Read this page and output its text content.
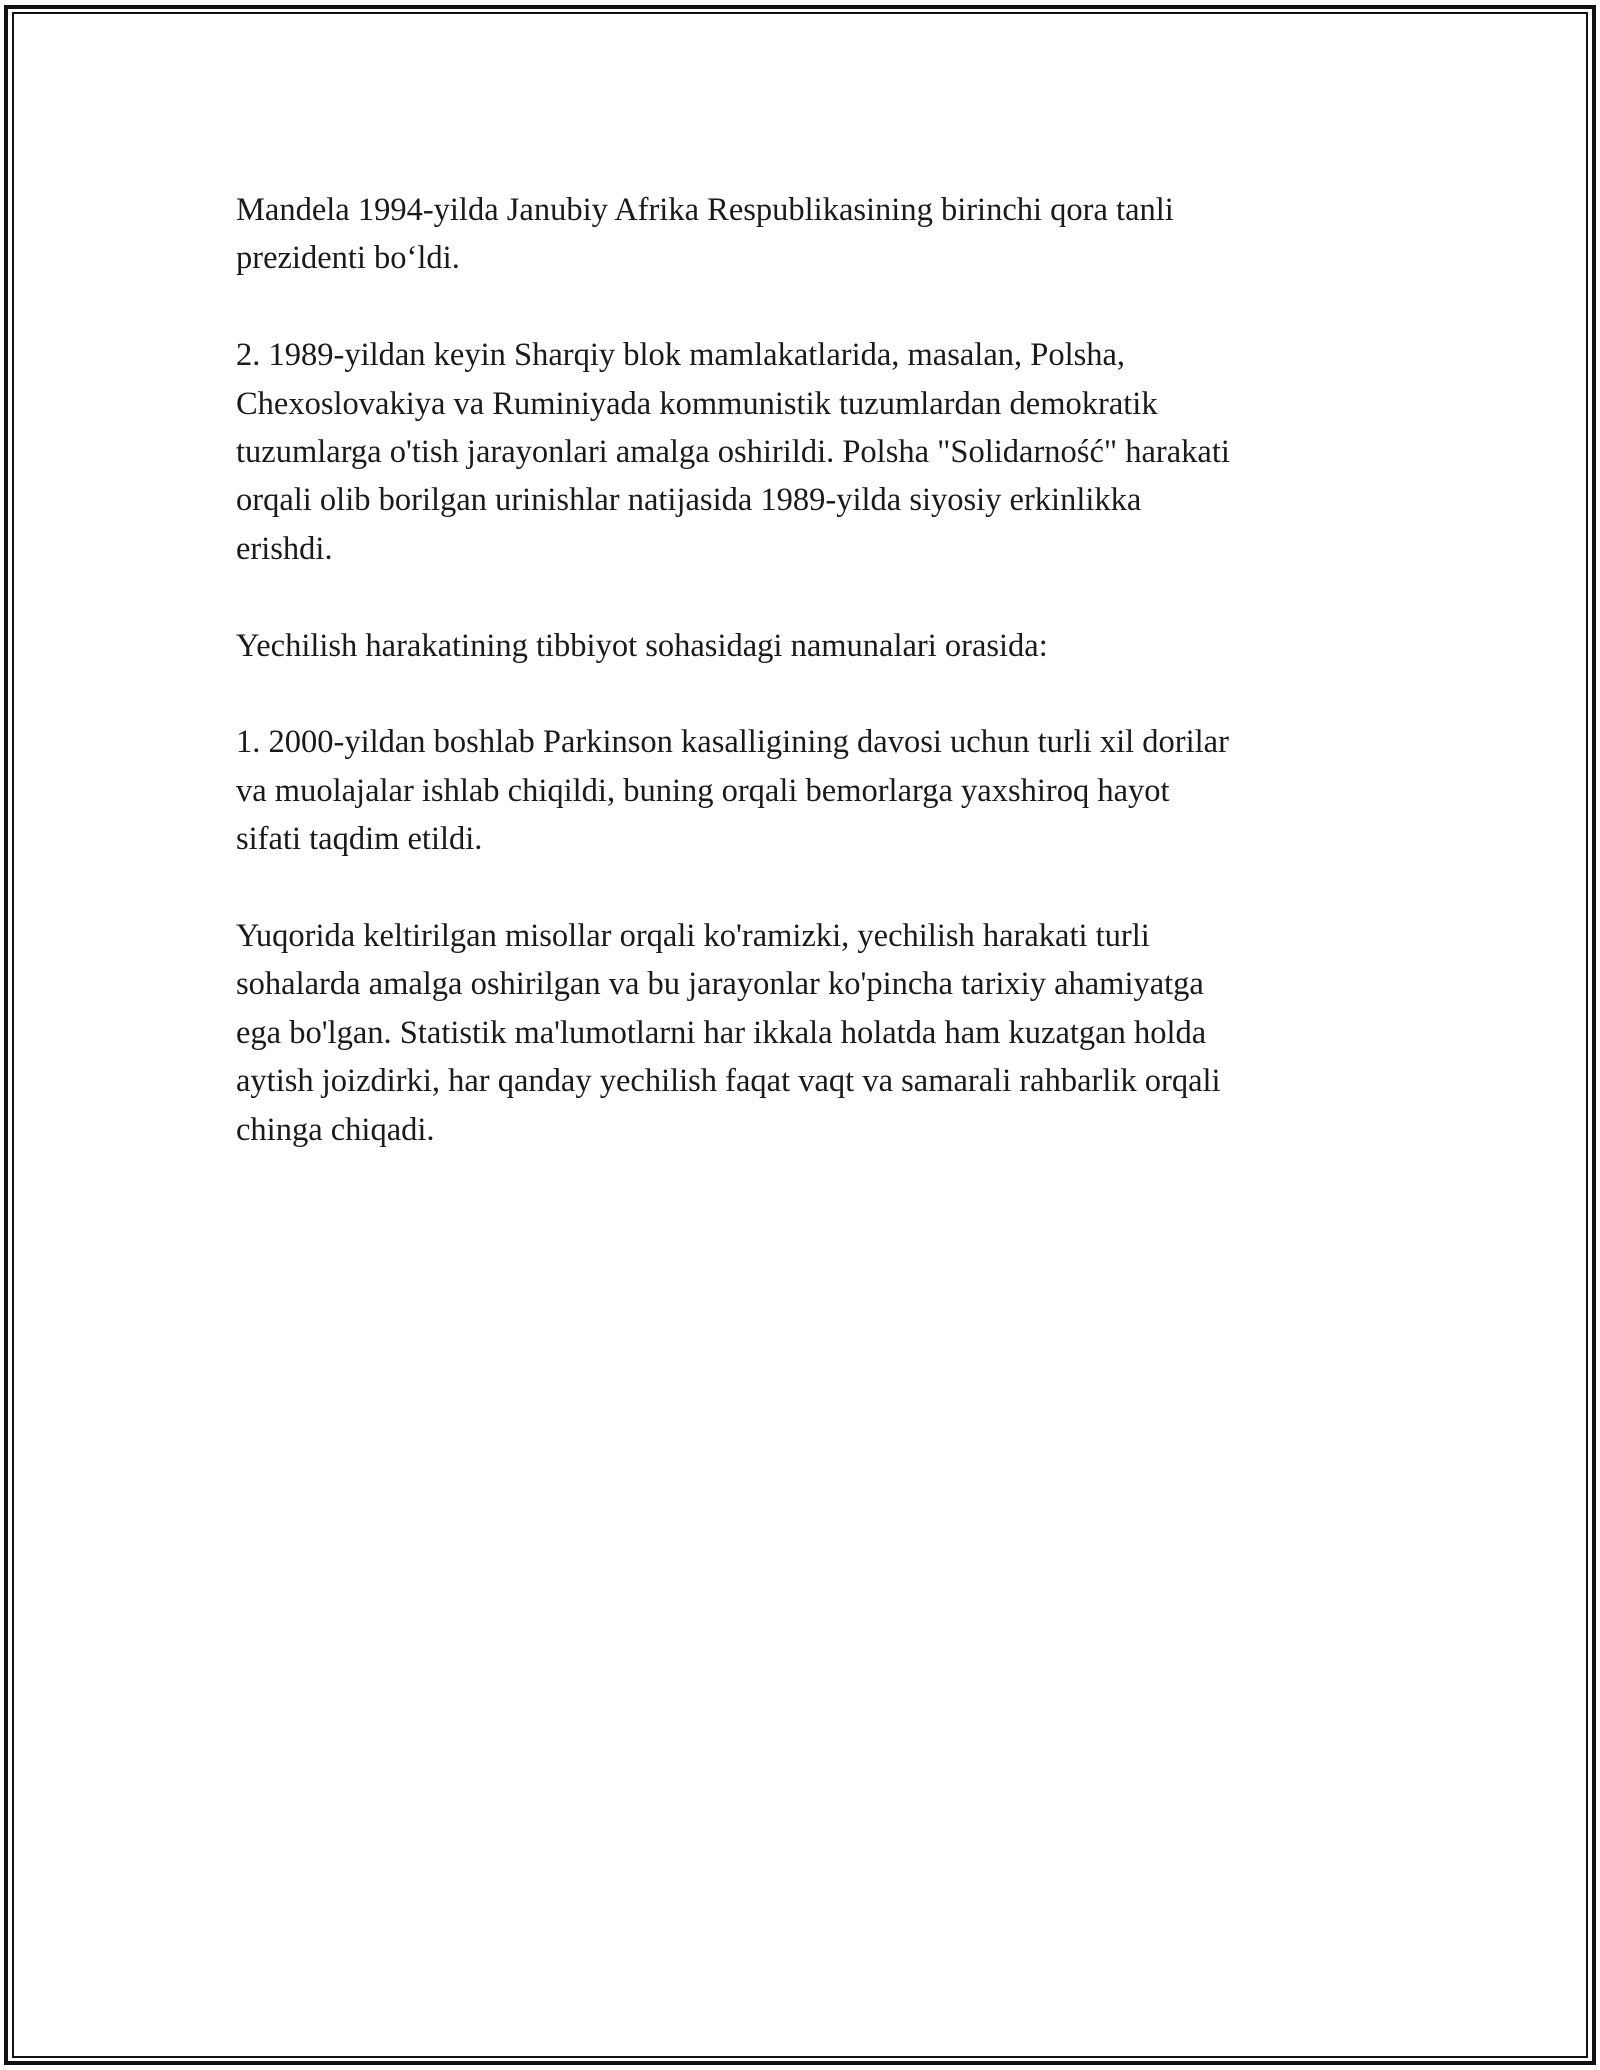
Mandela 1994-yilda Janubiy Afrika Respublikasining birinchi qora tanli
prezidenti bo‘ldi.

2. 1989-yildan keyin Sharqiy blok mamlakatlarida, masalan, Polsha,
Chexoslovakiya va Ruminiyada kommunistik tuzumlardan demokratik
tuzumlarga o'tish jarayonlari amalga oshirildi. Polsha "Solidarność" harakati
orqali olib borilgan urinishlar natijasida 1989-yilda siyosiy erkinlikka
erishdi.

Yechilish harakatining tibbiyot sohasidagi namunalari orasida:

1. 2000-yildan boshlab Parkinson kasalligining davosi uchun turli xil dorilar
va muolajalar ishlab chiqildi, buning orqali bemorlarga yaxshiroq hayot
sifati taqdim etildi.

Yuqorida keltirilgan misollar orqali ko'ramizki, yechilish harakati turli
sohalarda amalga oshirilgan va bu jarayonlar ko'pincha tarixiy ahamiyatga
ega bo'lgan. Statistik ma'lumotlarni har ikkala holatda ham kuzatgan holda
aytish joizdirki, har qanday yechilish faqat vaqt va samarali rahbarlik orqali
chinga chiqadi.
